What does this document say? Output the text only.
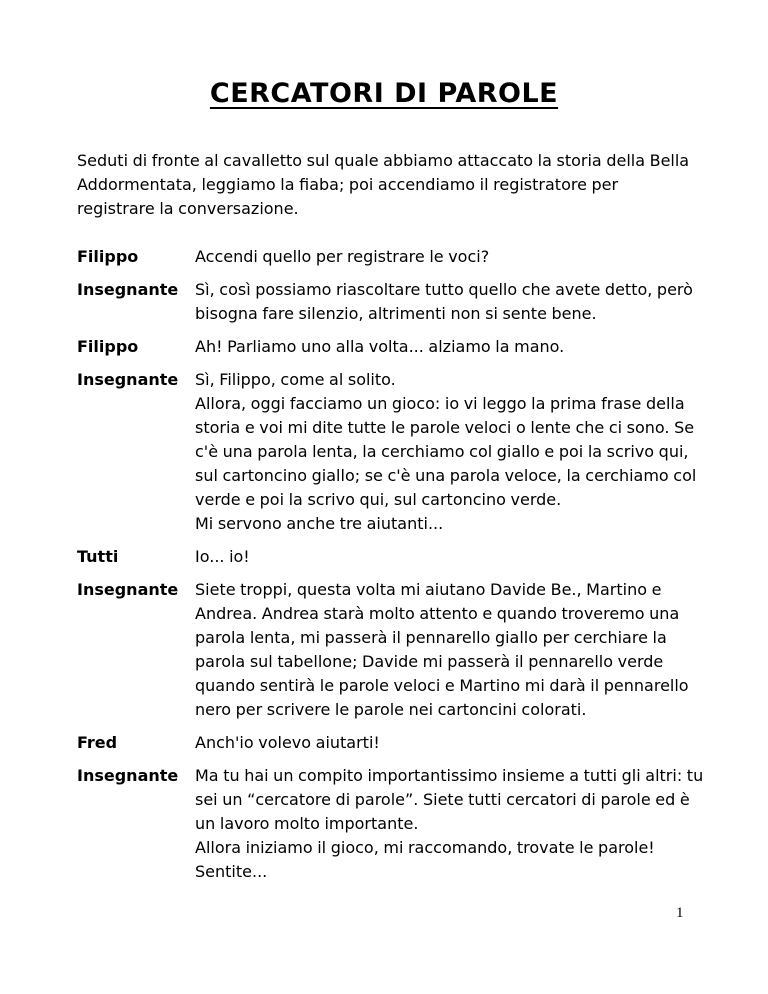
CERCATORI DI PAROLE
Seduti di fronte al cavalletto sul quale abbiamo attaccato la storia della Bella Addormentata, leggiamo la fiaba; poi accendiamo il registratore per registrare la conversazione.
Filippo	Accendi quello per registrare le voci?
Insegnante	Sì, così possiamo riascoltare tutto quello che avete detto, però bisogna fare silenzio, altrimenti non si sente bene.
Filippo	Ah! Parliamo uno alla volta... alziamo la mano.
Insegnante	Sì, Filippo, come al solito.
Allora, oggi facciamo un gioco: io vi leggo la prima frase della storia e voi mi dite tutte le parole veloci o lente che ci sono. Se c'è una parola lenta, la cerchiamo col giallo e poi la scrivo qui, sul cartoncino giallo; se c'è una parola veloce, la cerchiamo col verde e poi la scrivo qui, sul cartoncino verde.
Mi servono anche tre aiutanti...
Tutti	Io... io!
Insegnante	Siete troppi, questa volta mi aiutano Davide Be., Martino e Andrea. Andrea starà molto attento e quando troveremo una parola lenta, mi passerà il pennarello giallo per cerchiare la parola sul tabellone; Davide mi passerà il pennarello verde quando sentirà le parole veloci e Martino mi darà il pennarello nero per scrivere le parole nei cartoncini colorati.
Fred	Anch'io volevo aiutarti!
Insegnante	Ma tu hai un compito importantissimo insieme a tutti gli altri: tu sei un “cercatore di parole”. Siete tutti cercatori di parole ed è un lavoro molto importante.
Allora iniziamo il gioco, mi raccomando, trovate le parole!
Sentite...
1
